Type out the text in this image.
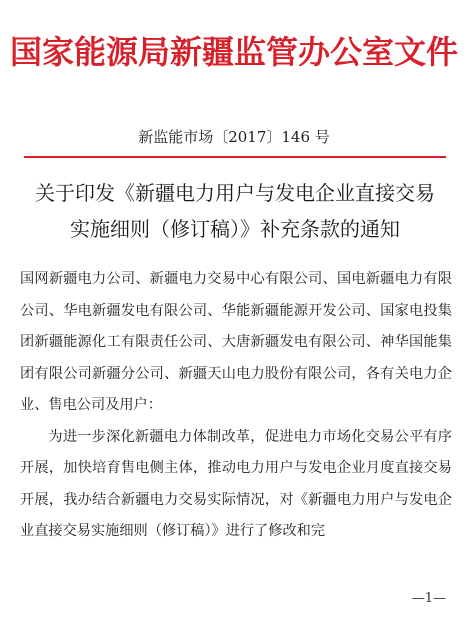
国家能源局新疆监管办公室文件
新监能市场〔2017〕146 号
关于印发《新疆电力用户与发电企业直接交易
实施细则（修订稿）》补充条款的通知

国网新疆电力公司、新疆电力交易中心有限公司、国电新疆电力有限公司、华电新疆发电有限公司、华能新疆能源开发公司、国家电投集团新疆能源化工有限责任公司、大唐新疆发电有限公司、神华国能集团有限公司新疆分公司、新疆天山电力股份有限公司，各有关电力企业、售电公司及用户：

为进一步深化新疆电力体制改革，促进电力市场化交易公平有序开展，加快培育售电侧主体，推动电力用户与发电企业月度直接交易开展，我办结合新疆电力交易实际情况，对《新疆电力用户与发电企业直接交易实施细则（修订稿）》进行了修改和完

—1—
